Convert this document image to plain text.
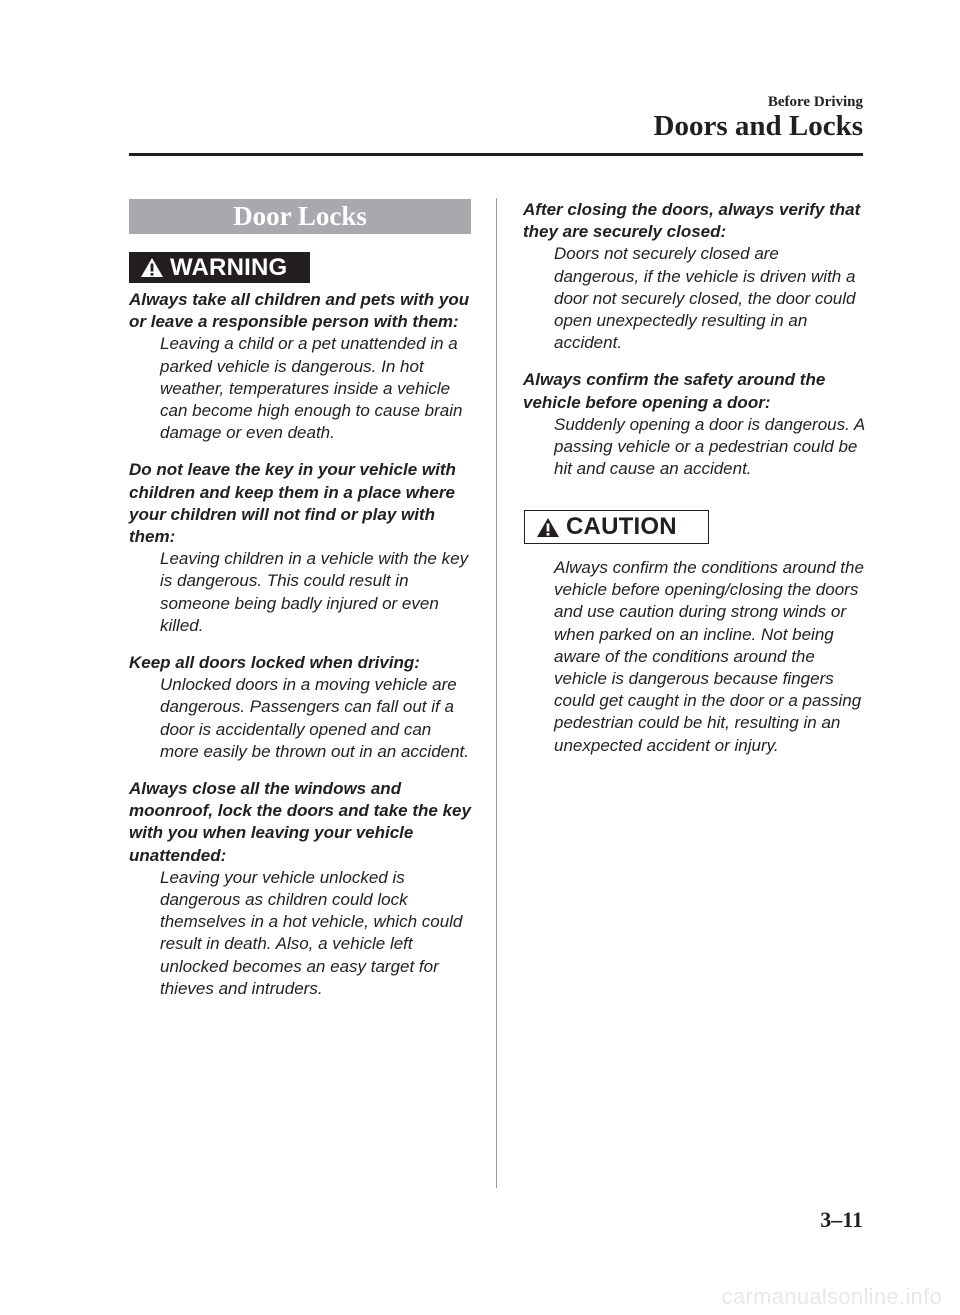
Before Driving
Doors and Locks
Door Locks
WARNING

Always take all children and pets with you or leave a responsible person with them:

Leaving a child or a pet unattended in a parked vehicle is dangerous. In hot weather, temperatures inside a vehicle can become high enough to cause brain damage or even death.

Do not leave the key in your vehicle with children and keep them in a place where your children will not find or play with them:

Leaving children in a vehicle with the key is dangerous. This could result in someone being badly injured or even killed.

Keep all doors locked when driving:

Unlocked doors in a moving vehicle are dangerous. Passengers can fall out if a door is accidentally opened and can more easily be thrown out in an accident.

Always close all the windows and moonroof, lock the doors and take the key with you when leaving your vehicle unattended:

Leaving your vehicle unlocked is dangerous as children could lock themselves in a hot vehicle, which could result in death. Also, a vehicle left unlocked becomes an easy target for thieves and intruders.

After closing the doors, always verify that they are securely closed:

Doors not securely closed are dangerous, if the vehicle is driven with a door not securely closed, the door could open unexpectedly resulting in an accident.

Always confirm the safety around the vehicle before opening a door:

Suddenly opening a door is dangerous. A passing vehicle or a pedestrian could be hit and cause an accident.

CAUTION

Always confirm the conditions around the vehicle before opening/closing the doors and use caution during strong winds or when parked on an incline. Not being aware of the conditions around the vehicle is dangerous because fingers could get caught in the door or a passing pedestrian could be hit, resulting in an unexpected accident or injury.

3–11
carmanualsonline.info
